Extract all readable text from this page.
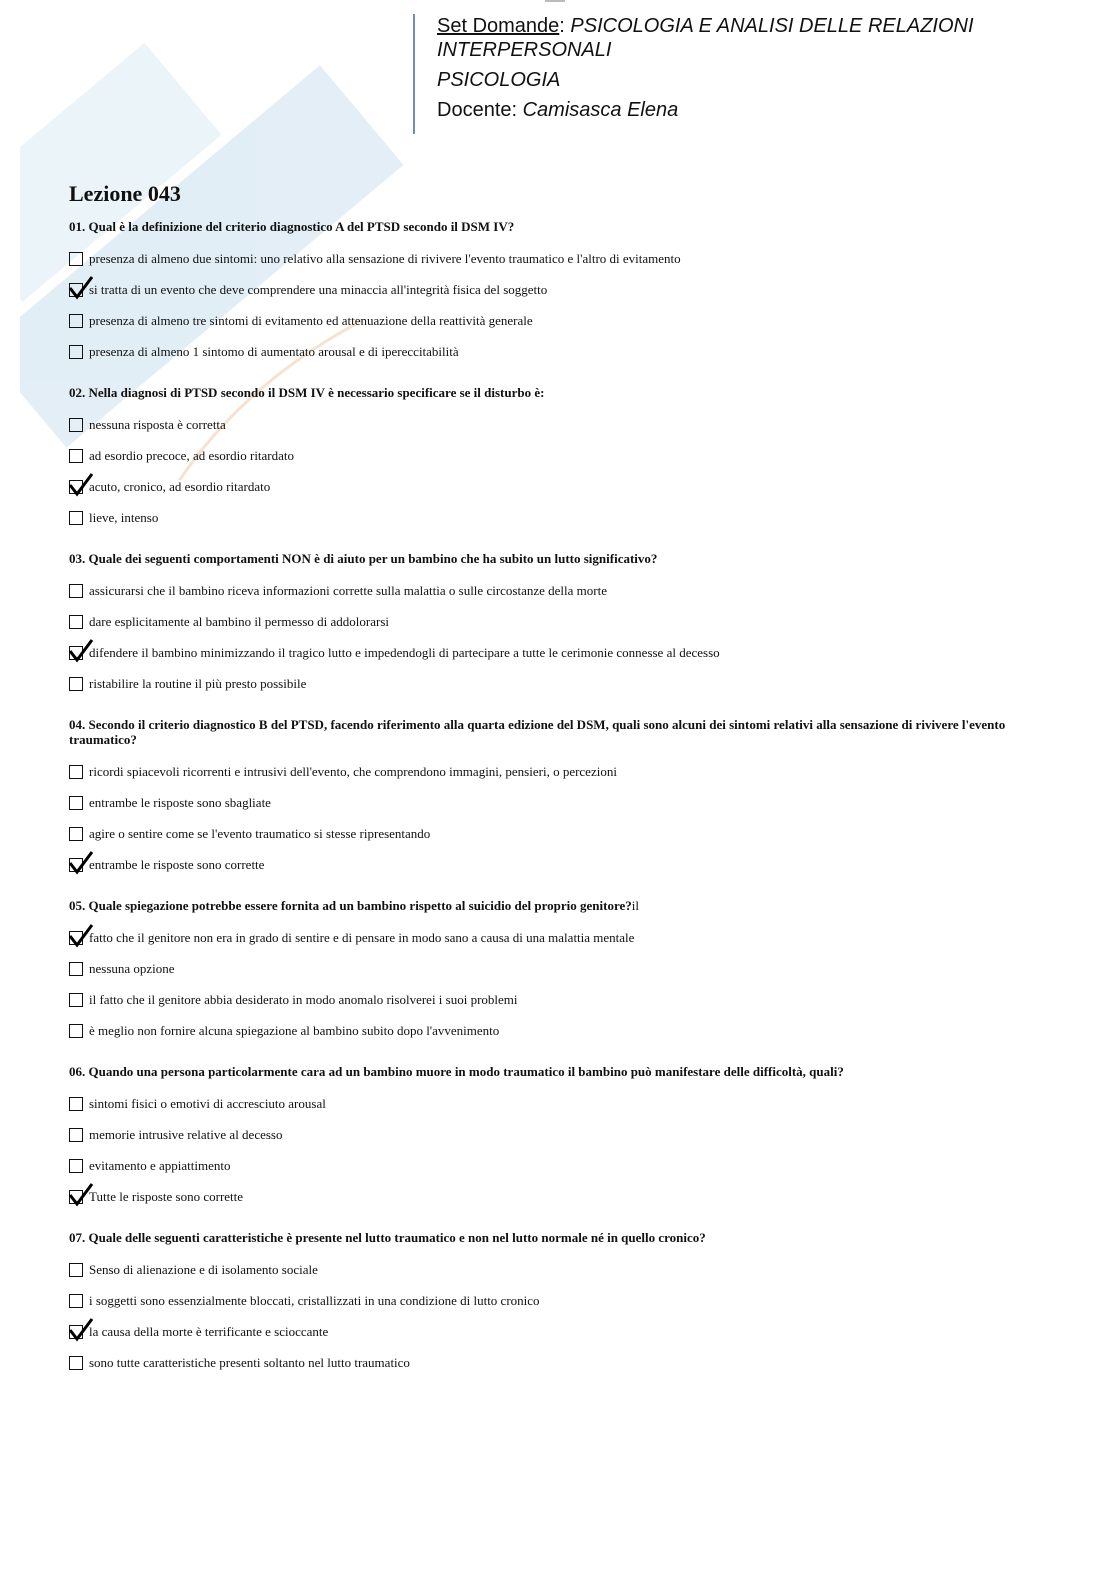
Set Domande: PSICOLOGIA E ANALISI DELLE RELAZIONI

INTERPERSONALI

PSICOLOGIA

Docente: Camisasca Elena

Lezione 043
01. Qual è la definizione del criterio diagnostico A del PTSD secondo il DSM IV?
presenza di almeno due sintomi: uno relativo alla sensazione di rivivere l'evento traumatico e l'altro di evitamento
si tratta di un evento che deve comprendere una minaccia all'integrità fisica del soggetto
presenza di almeno tre sintomi di evitamento ed attenuazione della reattività generale
presenza di almeno 1 sintomo di aumentato arousal e di ipereccitabilità
02. Nella diagnosi di PTSD secondo il DSM IV è necessario specificare se il disturbo è:
nessuna risposta è corretta
ad esordio precoce, ad esordio ritardato
acuto, cronico, ad esordio ritardato
lieve, intenso
03. Quale dei seguenti comportamenti NON è di aiuto per un bambino che ha subito un lutto significativo?
assicurarsi che il bambino riceva informazioni corrette sulla malattia o sulle circostanze della morte
dare esplicitamente al bambino il permesso di addolorarsi
difendere il bambino minimizzando il tragico lutto e impedendogli di partecipare a tutte le cerimonie connesse al decesso
ristabilire la routine il più presto possibile
04. Secondo il criterio diagnostico B del PTSD, facendo riferimento alla quarta edizione del DSM, quali sono alcuni dei sintomi relativi alla sensazione di rivivere l'evento traumatico?
ricordi spiacevoli ricorrenti e intrusivi dell'evento, che comprendono immagini, pensieri, o percezioni
entrambe le risposte sono sbagliate
agire o sentire come se l'evento traumatico si stesse ripresentando
entrambe le risposte sono corrette
05. Quale spiegazione potrebbe essere fornita ad un bambino rispetto al suicidio del proprio genitore?il
fatto che il genitore non era in grado di sentire e di pensare in modo sano a causa di una malattia mentale
nessuna opzione
il fatto che il genitore abbia desiderato in modo anomalo risolverei i suoi problemi
è meglio non fornire alcuna spiegazione al bambino subito dopo l'avvenimento
06. Quando una persona particolarmente cara ad un bambino muore in modo traumatico il bambino può manifestare delle difficoltà, quali?
sintomi fisici o emotivi di accresciuto arousal
memorie intrusive relative al decesso
evitamento e appiattimento
Tutte le risposte sono corrette
07. Quale delle seguenti caratteristiche è presente nel lutto traumatico e non nel lutto normale né in quello cronico?
Senso di alienazione e di isolamento sociale
i soggetti sono essenzialmente bloccati, cristallizzati in una condizione di lutto cronico
la causa della morte è terrificante e scioccante
sono tutte caratteristiche presenti soltanto nel lutto traumatico
